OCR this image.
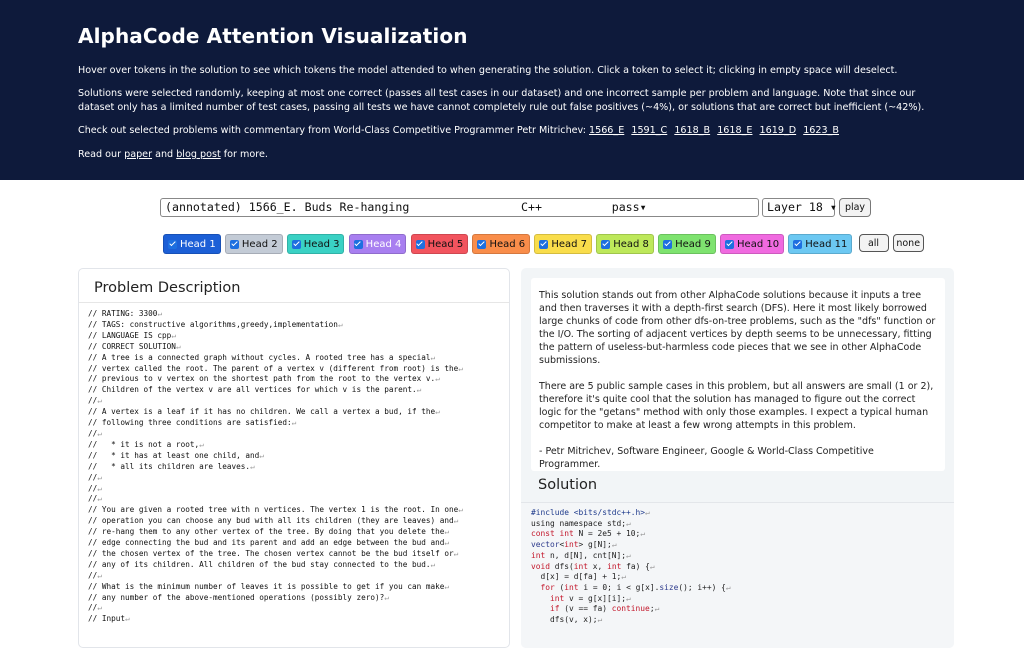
AlphaCode Attention Visualization

Hover over tokens in the solution to see which tokens the model attended to when generating the solution. Click a token to select it; clicking in empty space will deselect.

Solutions were selected randomly, keeping at most one correct (passes all test cases in our dataset) and one incorrect sample per problem and language. Note that since our dataset only has a limited number of test cases, passing all tests we have cannot completely rule out false positives (~4%), or solutions that are correct but inefficient (~42%).

Check out selected problems with commentary from World-Class Competitive Programmer Petr Mitrichev: 1566_E 1591_C 1618_B 1618_E 1619_D 1623_B

Read our paper and blog post for more.

(annotated) 1566_E. Buds Re-hanging                C++          pass▾	Layer 18 ▾ play
Head 1	Head 2	Head 3	Head 4	Head 5	Head 6	Head 7	Head 8	Head 9	Head 10	Head 11	all	none
Problem Description
// RATING: 3300↵
// TAGS: constructive algorithms,greedy,implementation↵
// LANGUAGE IS cpp↵
// CORRECT SOLUTION↵
// A tree is a connected graph without cycles. A rooted tree has a special↵
// vertex called the root. The parent of a vertex v (different from root) is the↵
// previous to v vertex on the shortest path from the root to the vertex v.↵
// Children of the vertex v are all vertices for which v is the parent.↵
//↵
// A vertex is a leaf if it has no children. We call a vertex a bud, if the↵
// following three conditions are satisfied:↵
//↵
//   * it is not a root,↵
//   * it has at least one child, and↵
//   * all its children are leaves.↵
//↵
//↵
//↵
// You are given a rooted tree with n vertices. The vertex 1 is the root. In one↵
// operation you can choose any bud with all its children (they are leaves) and↵
// re-hang them to any other vertex of the tree. By doing that you delete the↵
// edge connecting the bud and its parent and add an edge between the bud and↵
// the chosen vertex of the tree. The chosen vertex cannot be the bud itself or↵
// any of its children. All children of the bud stay connected to the bud.↵
//↵
// What is the minimum number of leaves it is possible to get if you can make↵
// any number of the above-mentioned operations (possibly zero)?↵
//↵
// Input↵

This solution stands out from other AlphaCode solutions because it inputs a tree and then traverses it with a depth-first search (DFS). Here it most likely borrowed large chunks of code from other dfs-on-tree problems, such as the "dfs" function or the I/O. The sorting of adjacent vertices by depth seems to be unnecessary, fitting the pattern of useless-but-harmless code pieces that we see in other AlphaCode submissions.

There are 5 public sample cases in this problem, but all answers are small (1 or 2), therefore it's quite cool that the solution has managed to figure out the correct logic for the "getans" method with only those examples. I expect a typical human competitor to make at least a few wrong attempts in this problem.

- Petr Mitrichev, Software Engineer, Google & World-Class Competitive Programmer.

Solution
#include <bits/stdc++.h>↵
using namespace std;↵
const int N = 2e5 + 10;↵
vector<int> g[N];↵
int n, d[N], cnt[N];↵
void dfs(int x, int fa) {↵
d[x] = d[fa] + 1;↵
for (int i = 0; i < g[x].size(); i++) {↵
int v = g[x][i];↵
if (v == fa) continue;↵
dfs(v, x);↵
